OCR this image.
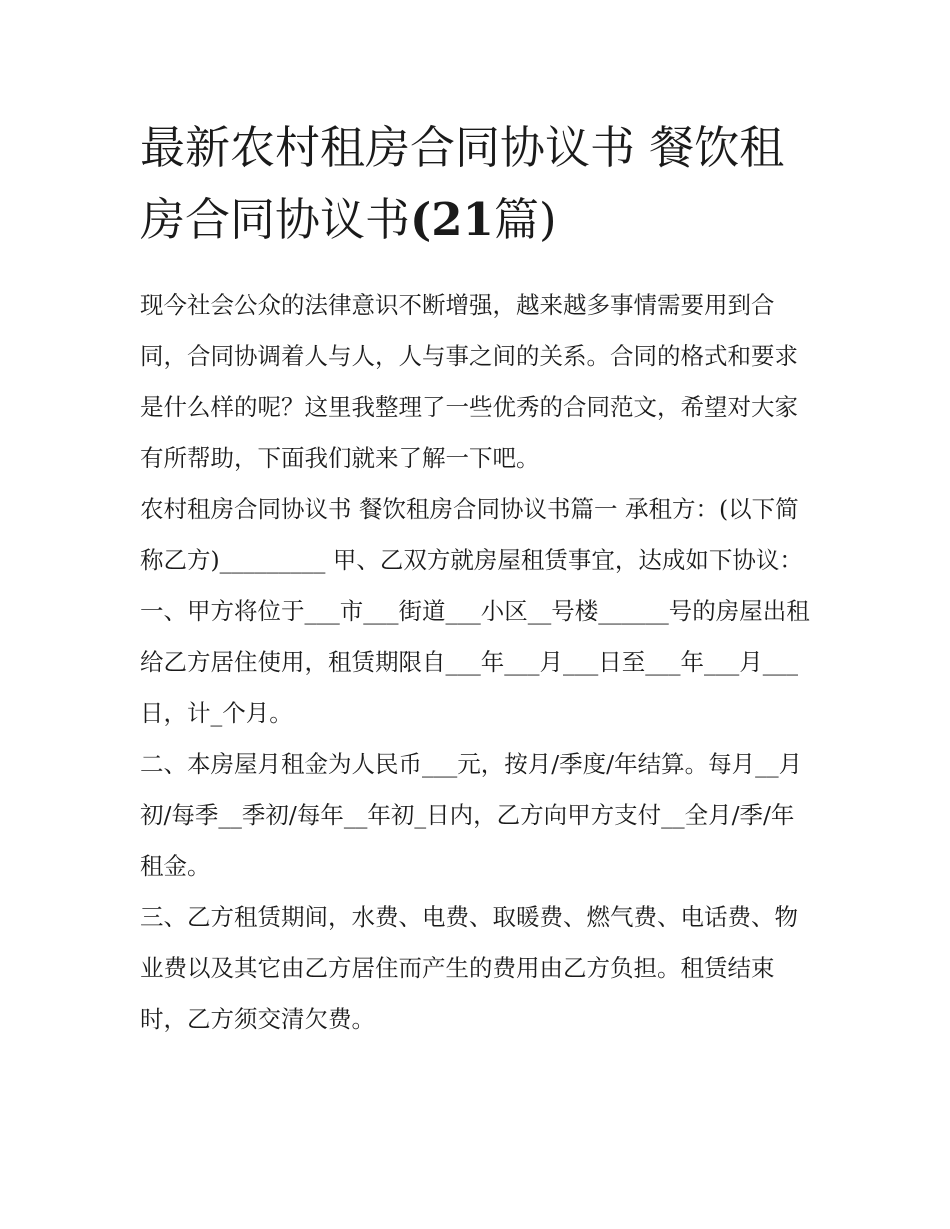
最新农村租房合同协议书 餐饮租房合同协议书(21篇)

现今社会公众的法律意识不断增强，越来越多事情需要用到合同，合同协调着人与人，人与事之间的关系。合同的格式和要求是什么样的呢？这里我整理了一些优秀的合同范文，希望对大家有所帮助，下面我们就来了解一下吧。

农村租房合同协议书 餐饮租房合同协议书篇一 承租方：(以下简称乙方)_________ 甲、乙双方就房屋租赁事宜，达成如下协议：

一、甲方将位于___市___街道___小区__号楼______号的房屋出租给乙方居住使用，租赁期限自___年___月___日至___年___月___日，计_个月。

二、本房屋月租金为人民币___元，按月/季度/年结算。每月__月初/每季__季初/每年__年初_日内，乙方向甲方支付__全月/季/年租金。

三、乙方租赁期间，水费、电费、取暖费、燃气费、电话费、物业费以及其它由乙方居住而产生的费用由乙方负担。租赁结束时，乙方须交清欠费。
